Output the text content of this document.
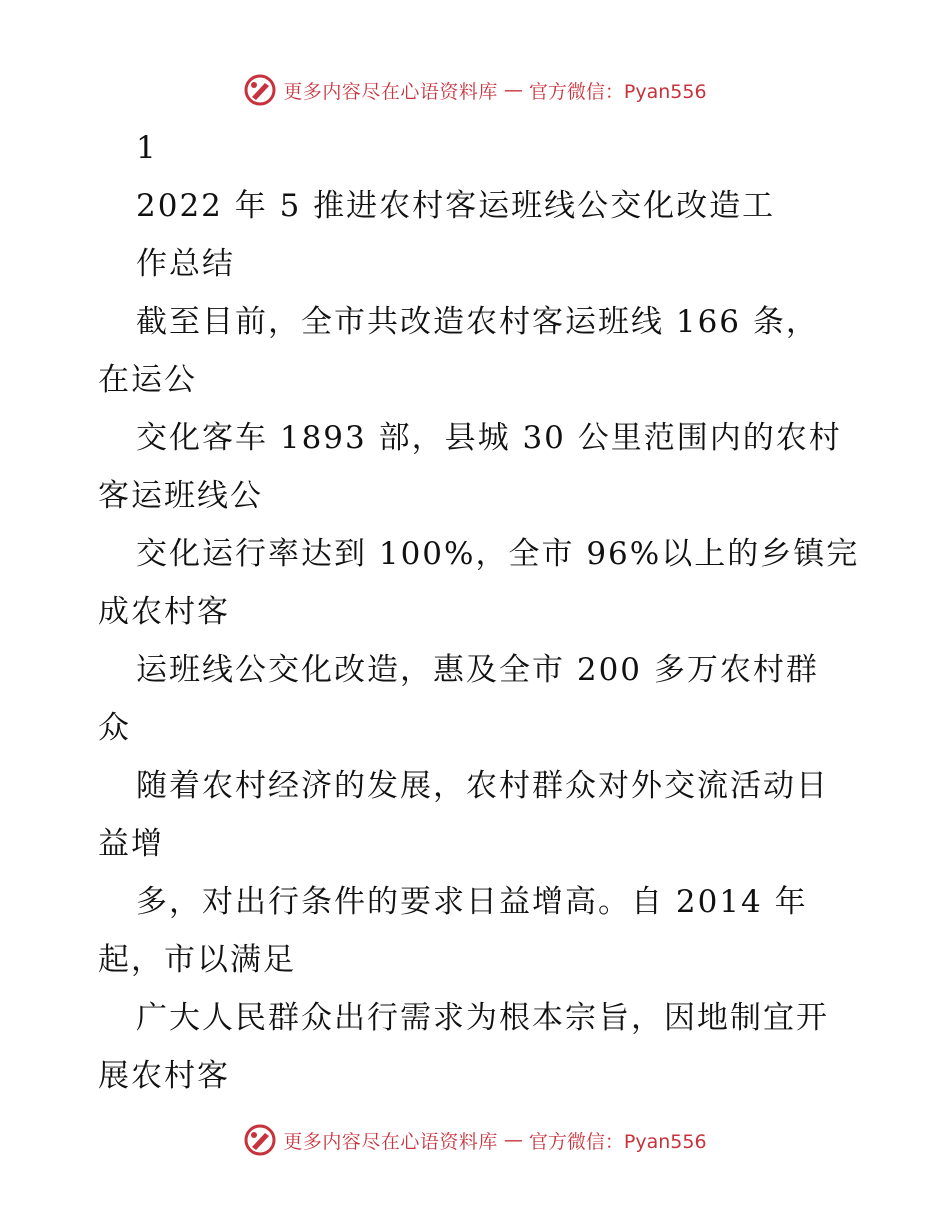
更多内容尽在心语资料库 — 官方微信：Pyan556
1
2022 年 5 推进农村客运班线公交化改造工
作总结
截至目前，全市共改造农村客运班线 166 条，
在运公
交化客车 1893 部，县城 30 公里范围内的农村
客运班线公
交化运行率达到 100%，全市 96%以上的乡镇完
成农村客
运班线公交化改造，惠及全市 200 多万农村群
众
随着农村经济的发展，农村群众对外交流活动日
益增
多，对出行条件的要求日益增高。自 2014 年
起，市以满足
广大人民群众出行需求为根本宗旨，因地制宜开
展农村客
更多内容尽在心语资料库 — 官方微信：Pyan556
